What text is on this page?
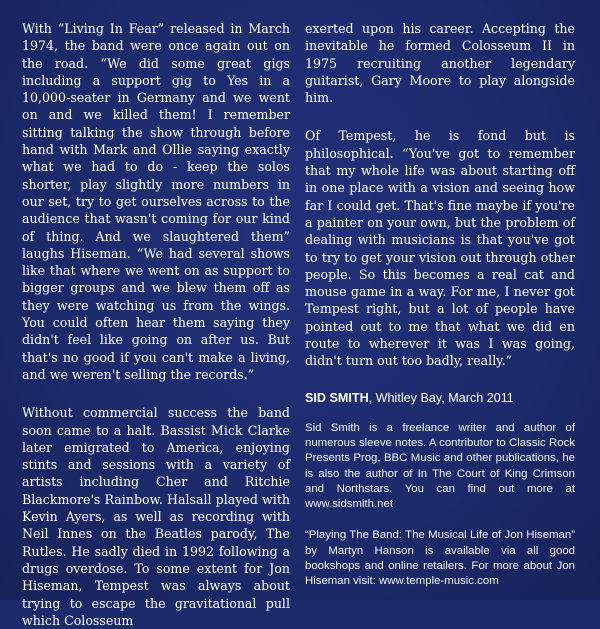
With “Living In Fear” released in March 1974, the band were once again out on the road. “We did some great gigs including a support gig to Yes in a 10,000-seater in Germany and we went on and we killed them! I remember sitting talking the show through before hand with Mark and Ollie saying exactly what we had to do - keep the solos shorter, play slightly more numbers in our set, try to get ourselves across to the audience that wasn't coming for our kind of thing. And we slaughtered them” laughs Hiseman. “We had several shows like that where we went on as support to bigger groups and we blew them off as they were watching us from the wings. You could often hear them saying they didn't feel like going on after us. But that's no good if you can't make a living, and we weren't selling the records.”

Without commercial success the band soon came to a halt. Bassist Mick Clarke later emigrated to America, enjoying stints and sessions with a variety of artists including Cher and Ritchie Blackmore's Rainbow. Halsall played with Kevin Ayers, as well as recording with Neil Innes on the Beatles parody, The Rutles. He sadly died in 1992 following a drugs overdose. To some extent for Jon Hiseman, Tempest was always about trying to escape the gravitational pull which Colosseum

exerted upon his career. Accepting the inevitable he formed Colosseum II in 1975 recruiting another legendary guitarist, Gary Moore to play alongside him.

Of Tempest, he is fond but is philosophical. “You've got to remember that my whole life was about starting off in one place with a vision and seeing how far I could get. That's fine maybe if you're a painter on your own, but the problem of dealing with musicians is that you've got to try to get your vision out through other people. So this becomes a real cat and mouse game in a way. For me, I never got Tempest right, but a lot of people have pointed out to me that what we did en route to wherever it was I was going, didn't turn out too badly, really.”

SID SMITH, Whitley Bay, March 2011

Sid Smith is a freelance writer and author of numerous sleeve notes. A contributor to Classic Rock Presents Prog, BBC Music and other publications, he is also the author of In The Court of King Crimson and Northstars. You can find out more at www.sidsmith.net

“Playing The Band: The Musical Life of Jon Hiseman” by Martyn Hanson is available via all good bookshops and online retailers. For more about Jon Hiseman visit: www.temple-music.com
